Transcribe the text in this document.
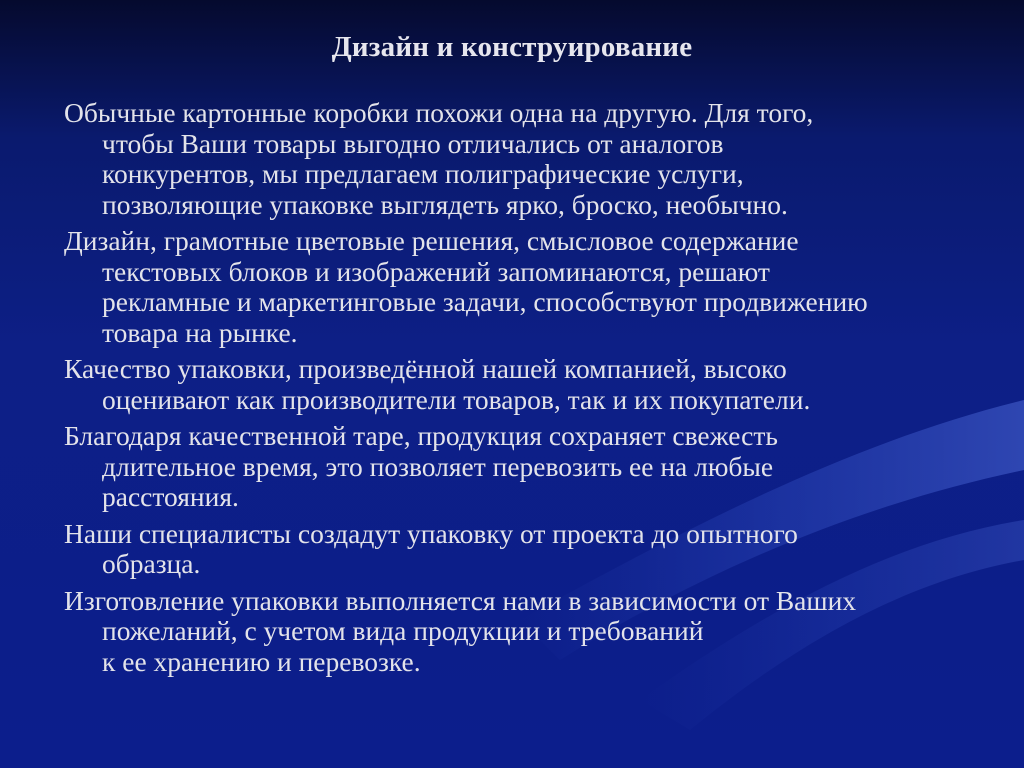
Дизайн и конструирование
Обычные картонные коробки похожи одна на другую. Для того,
чтобы Ваши товары выгодно отличались от аналогов
конкурентов, мы предлагаем полиграфические услуги,
позволяющие упаковке выглядеть ярко, броско, необычно.
Дизайн, грамотные цветовые решения, смысловое содержание
текстовых блоков и изображений запоминаются, решают
рекламные и маркетинговые задачи, способствуют продвижению
товара на рынке.
Качество упаковки, произведённой нашей компанией, высоко
оценивают как производители товаров, так и их покупатели.
Благодаря качественной таре, продукция сохраняет свежесть
длительное время, это позволяет перевозить ее на любые
расстояния.
Наши специалисты создадут упаковку от проекта до опытного
образца.
Изготовление упаковки выполняется нами в зависимости от Ваших
пожеланий, с учетом вида продукции и требований
к ее хранению и перевозке.
